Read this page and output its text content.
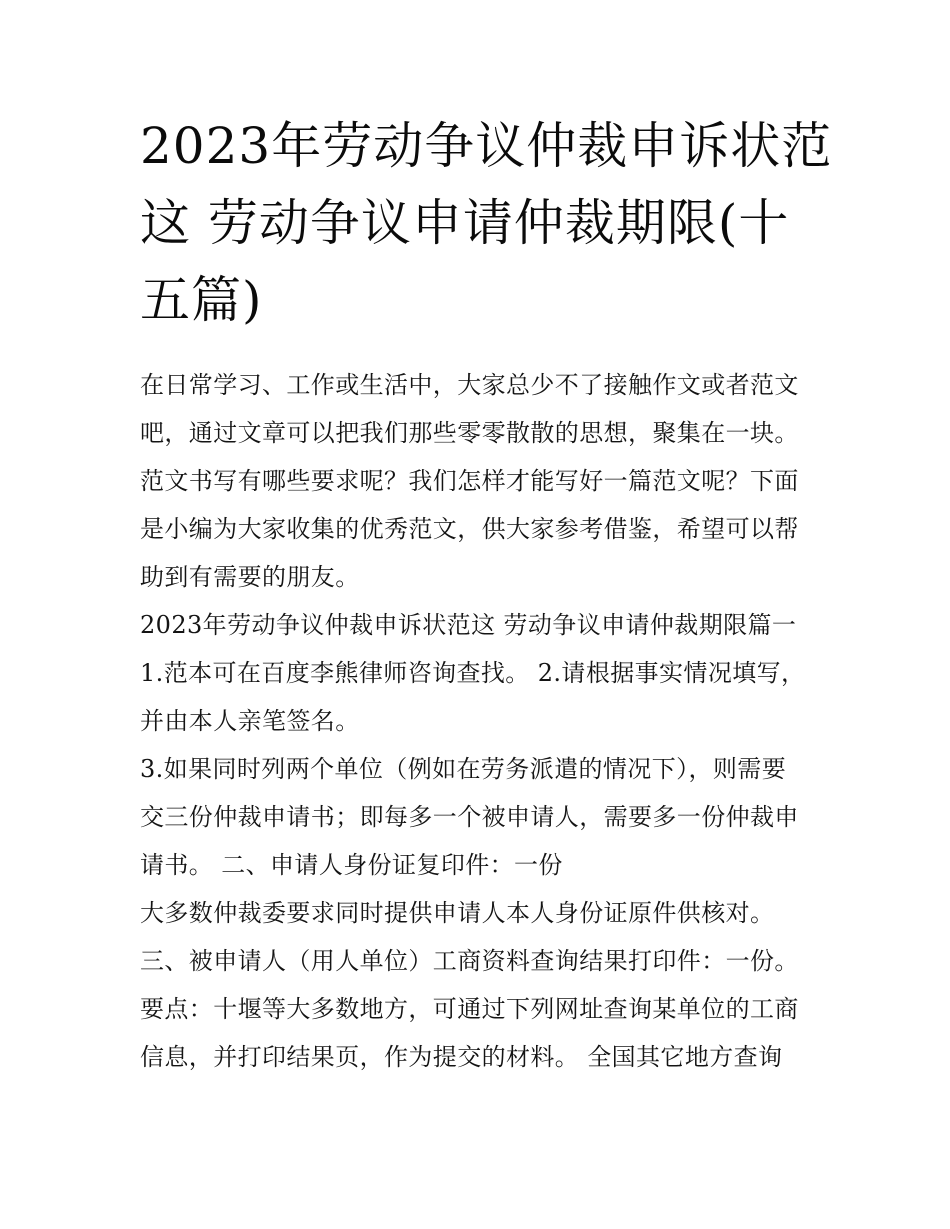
2023年劳动争议仲裁申诉状范
这 劳动争议申请仲裁期限(十
五篇)
在日常学习、工作或生活中，大家总少不了接触作文或者范文
吧，通过文章可以把我们那些零零散散的思想，聚集在一块。
范文书写有哪些要求呢？我们怎样才能写好一篇范文呢？下面
是小编为大家收集的优秀范文，供大家参考借鉴，希望可以帮
助到有需要的朋友。
2023年劳动争议仲裁申诉状范这 劳动争议申请仲裁期限篇一
1.范本可在百度李熊律师咨询查找。 2.请根据事实情况填写，
并由本人亲笔签名。
3.如果同时列两个单位（例如在劳务派遣的情况下），则需要
交三份仲裁申请书；即每多一个被申请人，需要多一份仲裁申
请书。 二、申请人身份证复印件：一份
大多数仲裁委要求同时提供申请人本人身份证原件供核对。
三、被申请人（用人单位）工商资料查询结果打印件：一份。
要点：十堰等大多数地方，可通过下列网址查询某单位的工商
信息，并打印结果页，作为提交的材料。 全国其它地方查询
